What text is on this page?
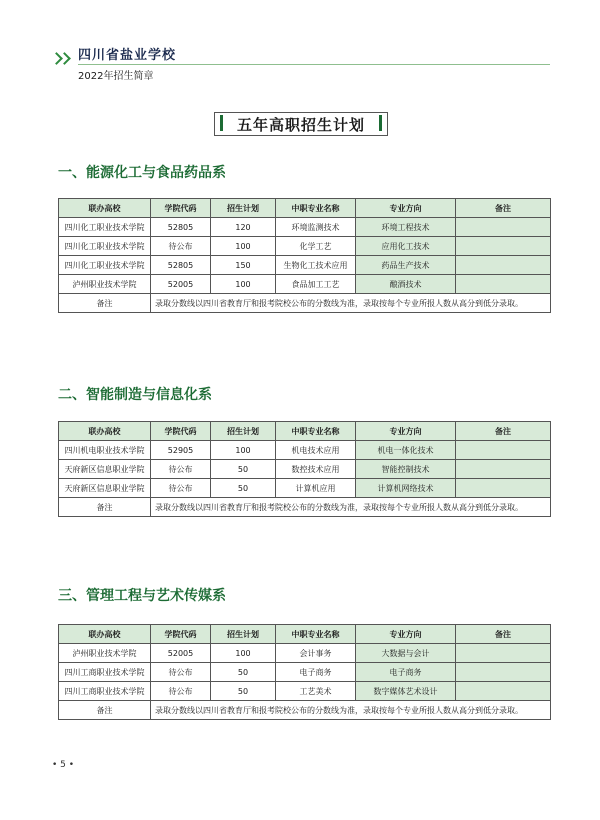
四川省盐业学校
2022年招生简章
五年高职招生计划
一、能源化工与食品药品系
联办高校	学院代码	招生计划	中职专业名称	专业方向	备注
四川化工职业技术学院	52805	120	环境监测技术	环境工程技术	
四川化工职业技术学院	待公布	100	化学工艺	应用化工技术	
四川化工职业技术学院	52805	150	生物化工技术应用	药品生产技术	
泸州职业技术学院	52005	100	食品加工工艺	酿酒技术	
备注	录取分数线以四川省教育厅和报考院校公布的分数线为准，录取按每个专业所报人数从高分到低分录取。				
二、智能制造与信息化系
联办高校	学院代码	招生计划	中职专业名称	专业方向	备注
四川机电职业技术学院	52905	100	机电技术应用	机电一体化技术	
天府新区信息职业学院	待公布	50	数控技术应用	智能控制技术	
天府新区信息职业学院	待公布	50	计算机应用	计算机网络技术	
备注	录取分数线以四川省教育厅和报考院校公布的分数线为准，录取按每个专业所报人数从高分到低分录取。				
三、管理工程与艺术传媒系
联办高校	学院代码	招生计划	中职专业名称	专业方向	备注
泸州职业技术学院	52005	100	会计事务	大数据与会计	
四川工商职业技术学院	待公布	50	电子商务	电子商务	
四川工商职业技术学院	待公布	50	工艺美术	数字媒体艺术设计	
备注	录取分数线以四川省教育厅和报考院校公布的分数线为准，录取按每个专业所报人数从高分到低分录取。				
• 5 •
